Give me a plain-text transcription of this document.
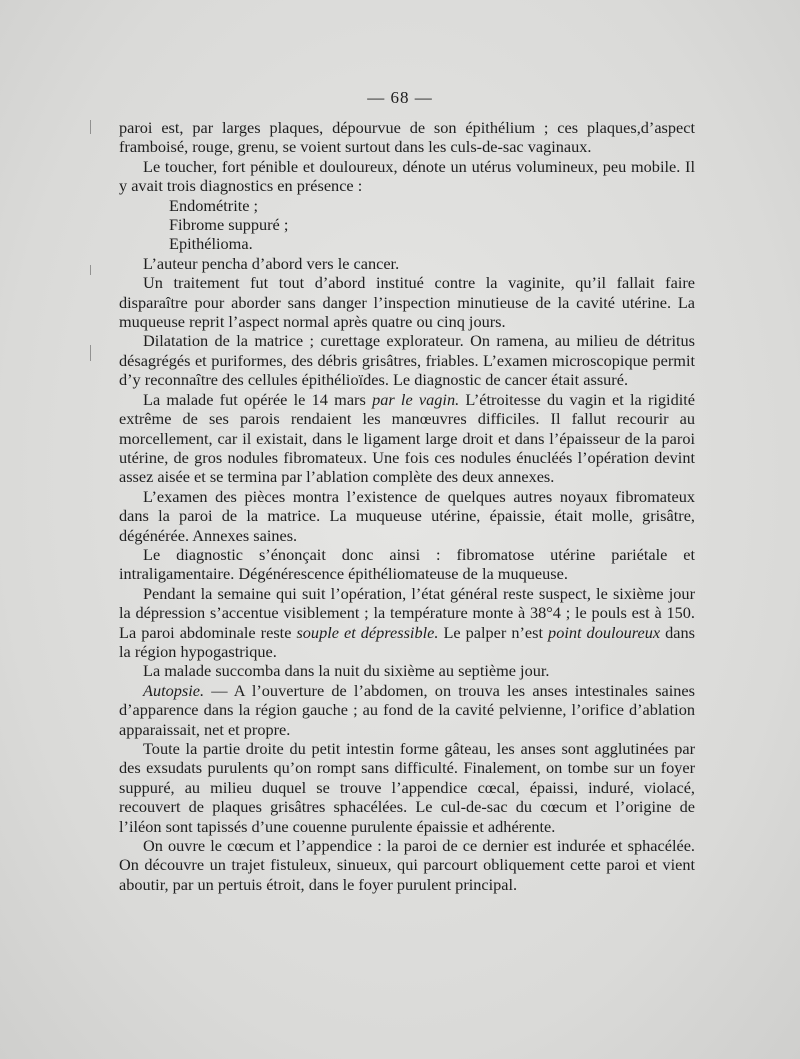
— 68 —

paroi est, par larges plaques, dépourvue de son épithélium ; ces plaques,d’aspect framboisé, rouge, grenu, se voient surtout dans les culs-de-sac vaginaux.

Le toucher, fort pénible et douloureux, dénote un utérus volumineux, peu mobile. Il y avait trois diagnostics en présence :

Endométrite ;

Fibrome suppuré ;

Epithélioma.

L’auteur pencha d’abord vers le cancer.

Un traitement fut tout d’abord institué contre la vaginite, qu’il fallait faire disparaître pour aborder sans danger l’inspection minutieuse de la cavité utérine. La muqueuse reprit l’aspect normal après quatre ou cinq jours.

Dilatation de la matrice ; curettage explorateur. On ramena, au milieu de détritus désagrégés et puriformes, des débris grisâtres, friables. L’examen microscopique permit d’y reconnaître des cellules épithélioïdes. Le diagnostic de cancer était assuré.

La malade fut opérée le 14 mars par le vagin. L’étroitesse du vagin et la rigidité extrême de ses parois rendaient les manœuvres difficiles. Il fallut recourir au morcellement, car il existait, dans le ligament large droit et dans l’épaisseur de la paroi utérine, de gros nodules fibromateux. Une fois ces nodules énucléés l’opération devint assez aisée et se termina par l’ablation complète des deux annexes.

L’examen des pièces montra l’existence de quelques autres noyaux fibromateux dans la paroi de la matrice. La muqueuse utérine, épaissie, était molle, grisâtre, dégénérée. Annexes saines.

Le diagnostic s’énonçait donc ainsi : fibromatose utérine pariétale et intraligamentaire. Dégénérescence épithéliomateuse de la muqueuse.

Pendant la semaine qui suit l’opération, l’état général reste suspect, le sixième jour la dépression s’accentue visiblement ; la température monte à 38°4 ; le pouls est à 150. La paroi abdominale reste souple et dépressible. Le palper n’est point douloureux dans la région hypogastrique.

La malade succomba dans la nuit du sixième au septième jour.

Autopsie. — A l’ouverture de l’abdomen, on trouva les anses intestinales saines d’apparence dans la région gauche ; au fond de la cavité pelvienne, l’orifice d’ablation apparaissait, net et propre.

Toute la partie droite du petit intestin forme gâteau, les anses sont agglutinées par des exsudats purulents qu’on rompt sans difficulté. Finalement, on tombe sur un foyer suppuré, au milieu duquel se trouve l’appendice cœcal, épaissi, induré, violacé, recouvert de plaques grisâtres sphacélées. Le cul-de-sac du cœcum et l’origine de l’iléon sont tapissés d’une couenne purulente épaissie et adhérente.

On ouvre le cœcum et l’appendice : la paroi de ce dernier est indurée et sphacélée. On découvre un trajet fistuleux, sinueux, qui parcourt obliquement cette paroi et vient aboutir, par un pertuis étroit, dans le foyer purulent principal.
